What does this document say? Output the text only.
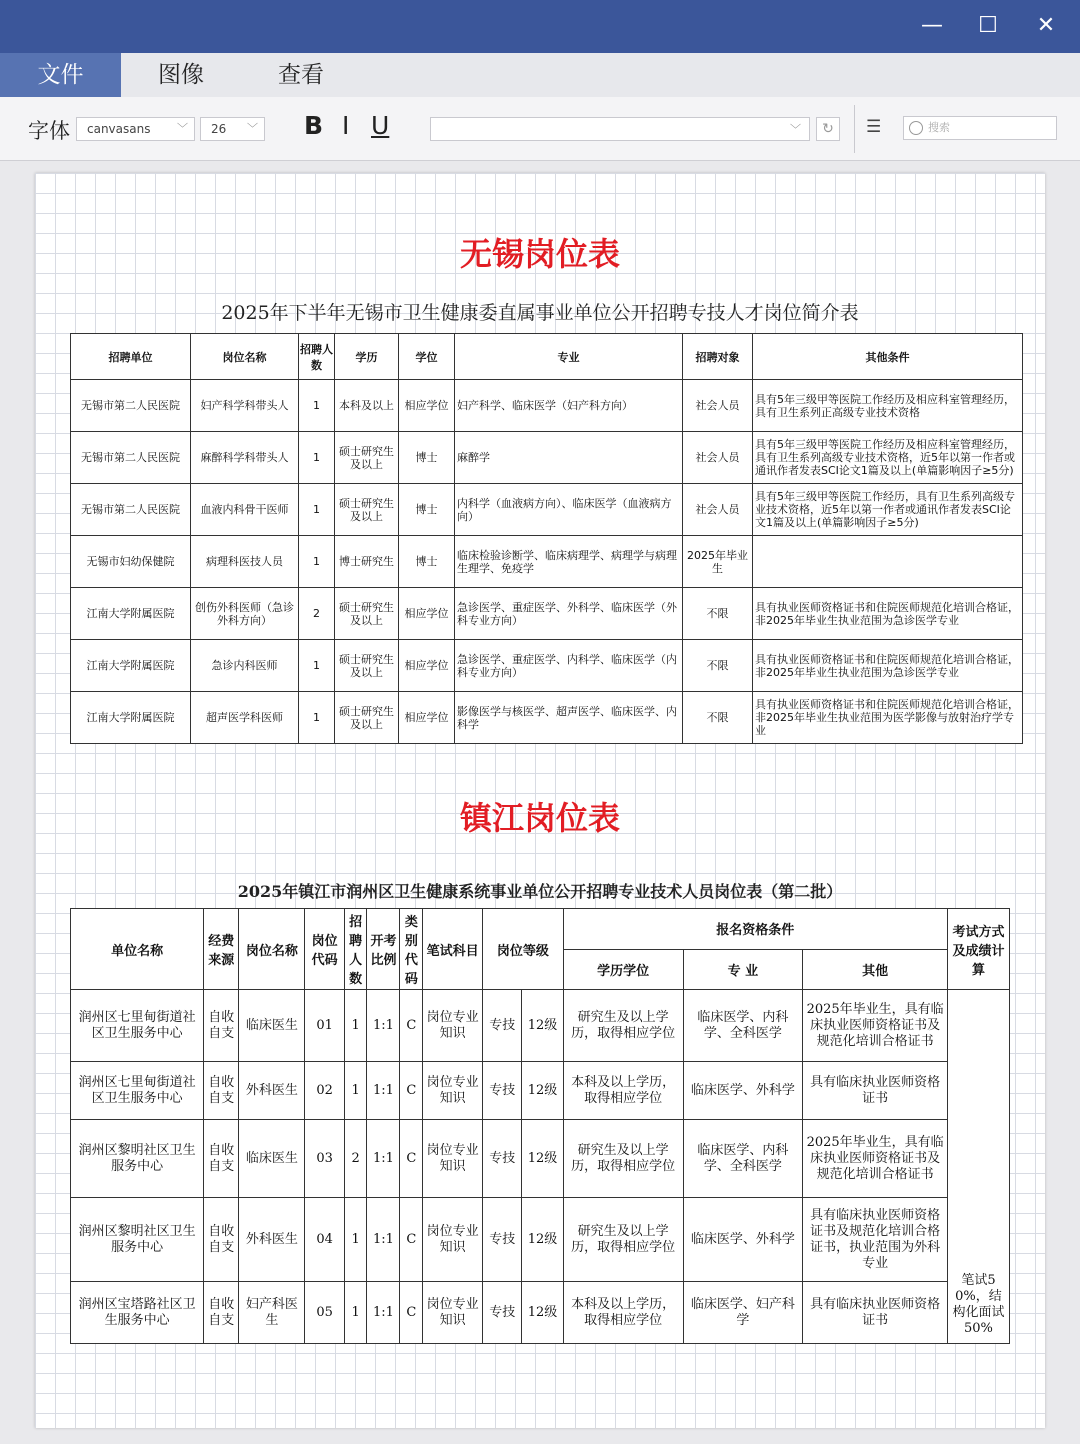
—	☐	✕
文件	图像	查看
字体	canvasans ﹀	26 ﹀ B I U	﹀	↻	☰	搜索
无锡岗位表
2025年下半年无锡市卫生健康委直属事业单位公开招聘专技人才岗位简介表
招聘单位	岗位名称	招聘人数	学历	学位	专业	招聘对象	其他条件
无锡市第二人民医院	妇产科学科带头人	1	本科及以上	相应学位	妇产科学、临床医学（妇产科方向）	社会人员	具有5年三级甲等医院工作经历及相应科室管理经历，具有卫生系列正高级专业技术资格
无锡市第二人民医院	麻醉科学科带头人	1	硕士研究生及以上	博士	麻醉学	社会人员	具有5年三级甲等医院工作经历及相应科室管理经历，具有卫生系列高级专业技术资格，近5年以第一作者或通讯作者发表SCI论文1篇及以上(单篇影响因子≥5分)
无锡市第二人民医院	血液内科骨干医师	1	硕士研究生及以上	博士	内科学（血液病方向）、临床医学（血液病方向）	社会人员	具有5年三级甲等医院工作经历，具有卫生系列高级专业技术资格，近5年以第一作者或通讯作者发表SCI论文1篇及以上(单篇影响因子≥5分)
无锡市妇幼保健院	病理科医技人员	1	博士研究生	博士	临床检验诊断学、临床病理学、病理学与病理生理学、免疫学	2025年毕业生	
江南大学附属医院	创伤外科医师（急诊外科方向）	2	硕士研究生及以上	相应学位	急诊医学、重症医学、外科学、临床医学（外科专业方向）	不限	具有执业医师资格证书和住院医师规范化培训合格证，非2025年毕业生执业范围为急诊医学专业
江南大学附属医院	急诊内科医师	1	硕士研究生及以上	相应学位	急诊医学、重症医学、内科学、临床医学（内科专业方向）	不限	具有执业医师资格证书和住院医师规范化培训合格证，非2025年毕业生执业范围为急诊医学专业
江南大学附属医院	超声医学科医师	1	硕士研究生及以上	相应学位	影像医学与核医学、超声医学、临床医学、内科学	不限	具有执业医师资格证书和住院医师规范化培训合格证，非2025年毕业生执业范围为医学影像与放射治疗学专业
镇江岗位表
2025年镇江市润州区卫生健康系统事业单位公开招聘专业技术人员岗位表（第二批）
单位名称	经费来源	岗位名称	岗位代码	招聘人数	开考比例	类别代码	笔试科目	岗位等级		报名资格条件			考试方式及成绩计算
										学历学位	专 业	其他	
润州区七里甸街道社区卫生服务中心	自收自支	临床医生	01	1	1:1	C	岗位专业知识	专技	12级	研究生及以上学历，取得相应学位	临床医学、内科学、全科医学	2025年毕业生，具有临床执业医师资格证书及规范化培训合格证书	笔试50%，结构化面试50%
润州区七里甸街道社区卫生服务中心	自收自支	外科医生	02	1	1:1	C	岗位专业知识	专技	12级	本科及以上学历，取得相应学位	临床医学、外科学	具有临床执业医师资格证书	
润州区黎明社区卫生服务中心	自收自支	临床医生	03	2	1:1	C	岗位专业知识	专技	12级	研究生及以上学历，取得相应学位	临床医学、内科学、全科医学	2025年毕业生，具有临床执业医师资格证书及规范化培训合格证书	
润州区黎明社区卫生服务中心	自收自支	外科医生	04	1	1:1	C	岗位专业知识	专技	12级	研究生及以上学历，取得相应学位	临床医学、外科学	具有临床执业医师资格证书及规范化培训合格证书，执业范围为外科专业	
润州区宝塔路社区卫生服务中心	自收自支	妇产科医生	05	1	1:1	C	岗位专业知识	专技	12级	本科及以上学历，取得相应学位	临床医学、妇产科学	具有临床执业医师资格证书	
